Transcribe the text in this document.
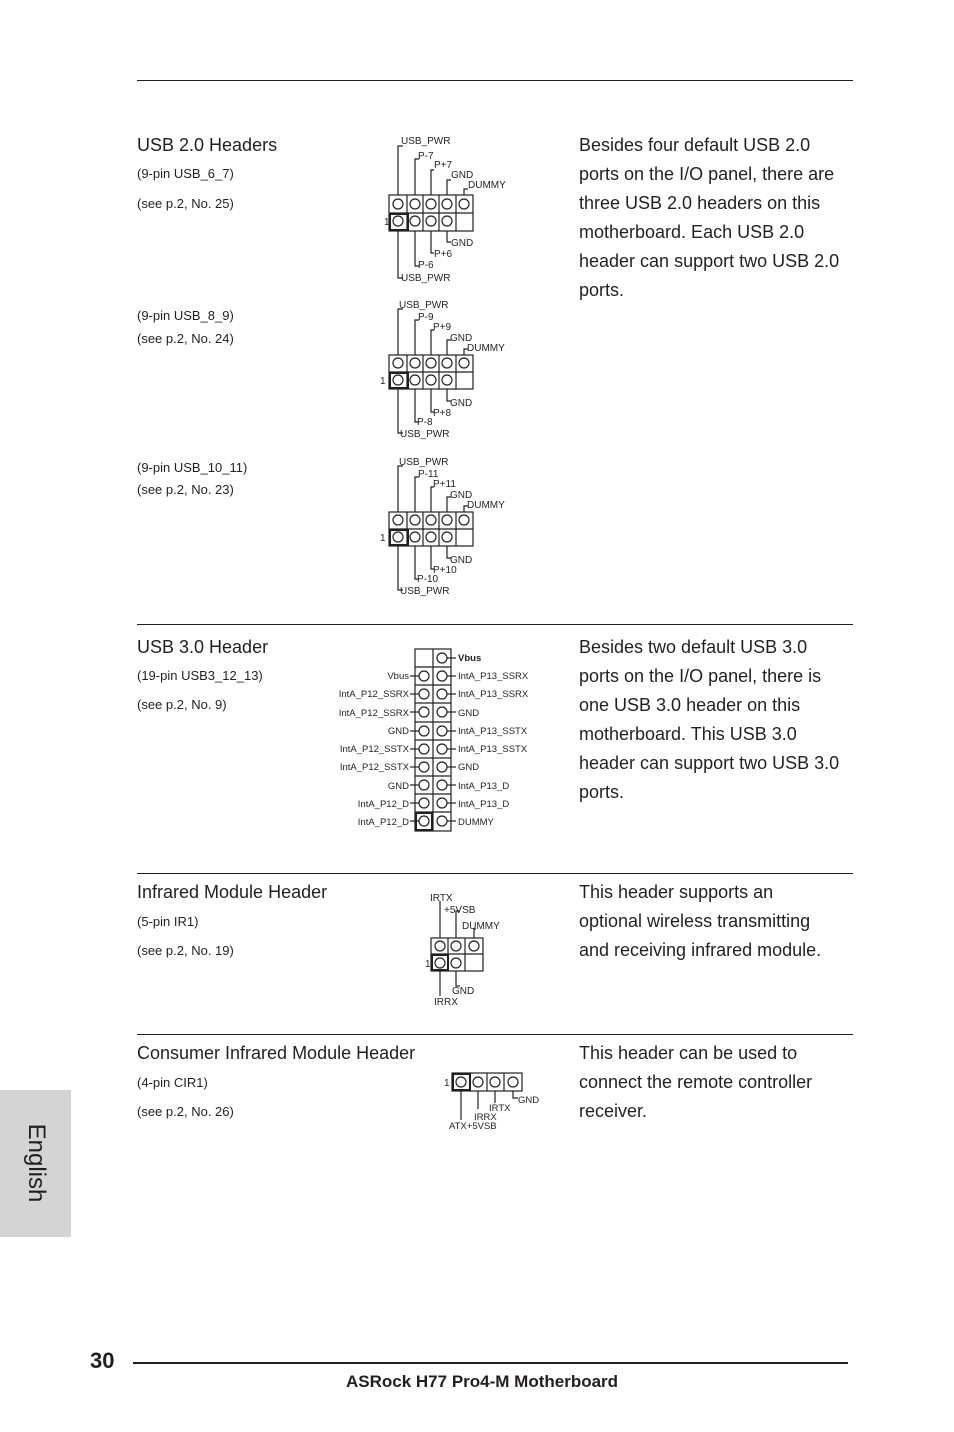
USB 2.0 Headers
(9-pin USB_6_7)
(see p.2, No. 25)
(9-pin USB_8_9)
(see p.2, No. 24)
(9-pin USB_10_11)
(see p.2, No. 23)
Besides four default USB 2.0
ports on the I/O panel, there are
three USB 2.0 headers on this
motherboard. Each USB 2.0
header can support two USB 2.0
ports.
1
USB_PWR
P-7
P+7
GND
DUMMY
GND
P+6
P-6
USB_PWR
1
USB_PWR
P-9
P+9
GND
DUMMY
GND
P+8
P-8
USB_PWR
1
USB_PWR
P-11
P+11
GND
DUMMY
GND
P+10
P-10
USB_PWR
USB 3.0 Header
(19-pin USB3_12_13)
(see p.2, No. 9)
Besides two default USB 3.0
ports on the I/O panel, there is
one USB 3.0 header on this
motherboard. This USB 3.0
header can support two USB 3.0
ports.
Vbus
IntA_P13_SSRX
IntA_P13_SSRX
GND
IntA_P13_SSTX
IntA_P13_SSTX
GND
IntA_P13_D
IntA_P13_D
DUMMY
Vbus
IntA_P12_SSRX
IntA_P12_SSRX
GND
IntA_P12_SSTX
IntA_P12_SSTX
GND
IntA_P12_D
IntA_P12_D
Infrared Module Header
(5-pin IR1)
(see p.2, No. 19)
This header supports an
optional wireless transmitting
and receiving infrared module.
1
IRTX
+5VSB
DUMMY
GND
IRRX
Consumer Infrared Module Header
(4-pin CIR1)
(see p.2, No. 26)
This header can be used to
connect the remote controller
receiver.
1
GND
IRTX
IRRX
ATX+5VSB
English
30
ASRock H77 Pro4-M Motherboard
